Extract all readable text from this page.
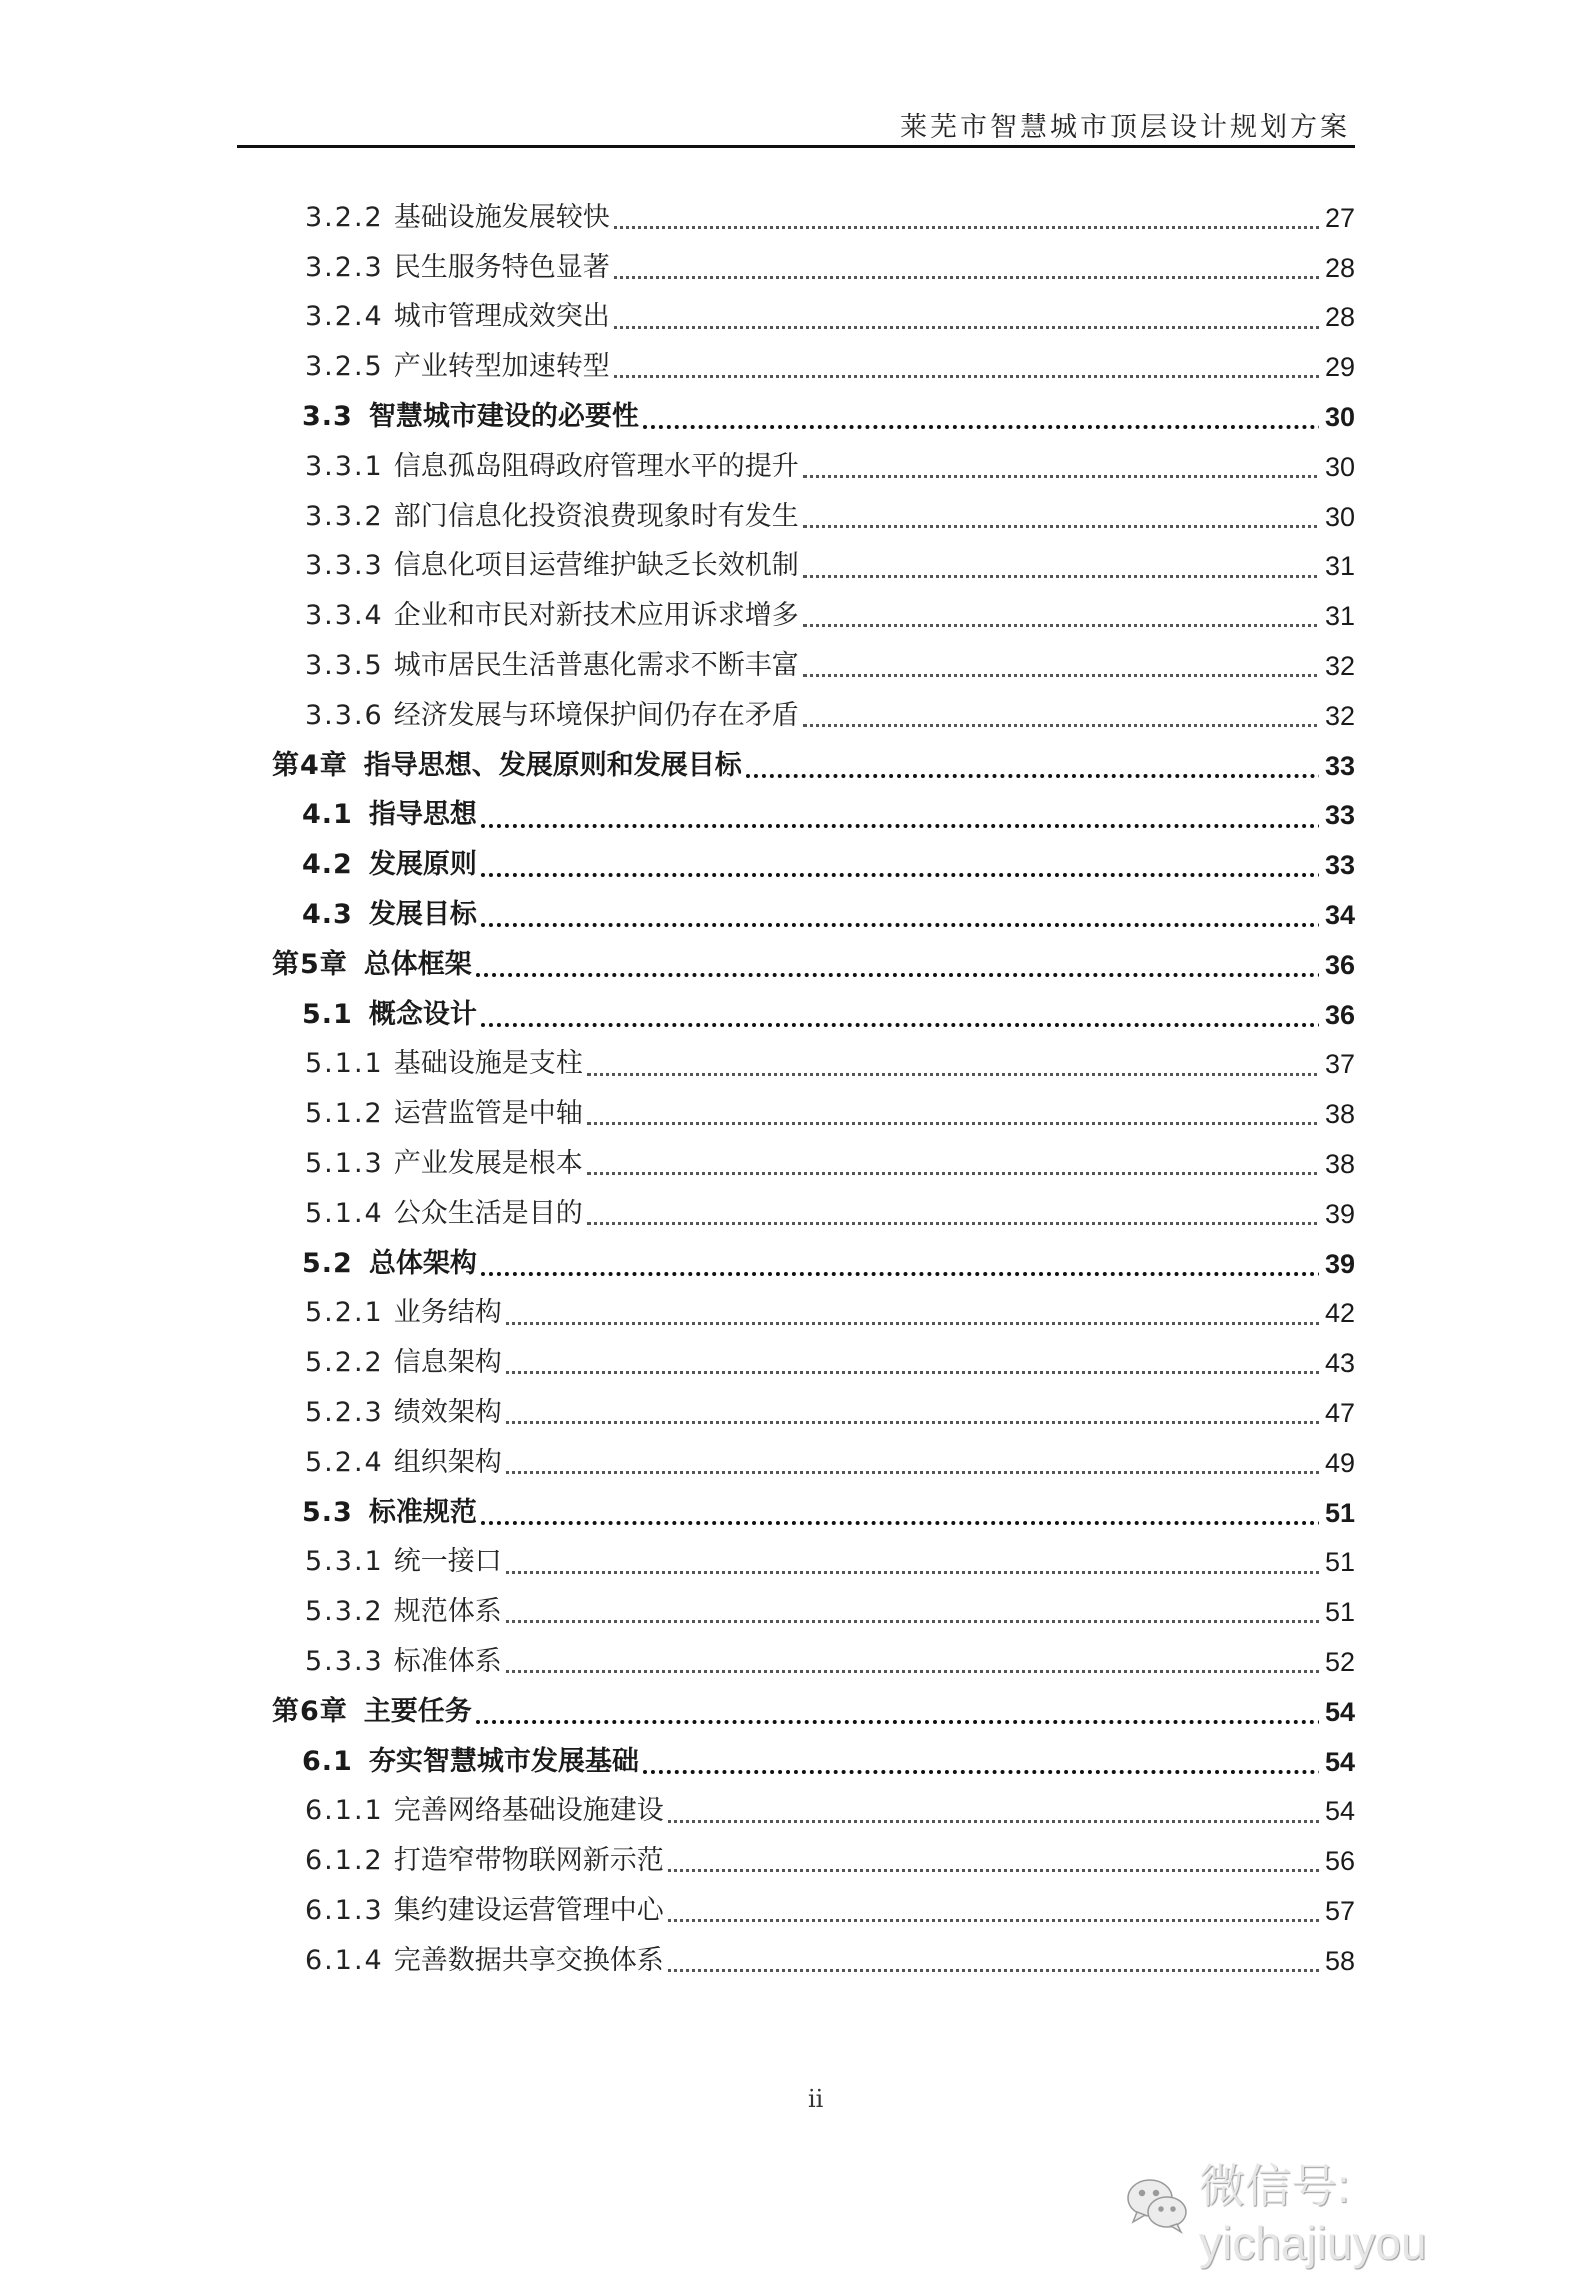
莱芜市智慧城市顶层设计规划方案
3.2.2 基础设施发展较快	27
3.2.3 民生服务特色显著	28
3.2.4 城市管理成效突出	28
3.2.5 产业转型加速转型	29
3.3 智慧城市建设的必要性	30
3.3.1 信息孤岛阻碍政府管理水平的提升	30
3.3.2 部门信息化投资浪费现象时有发生	30
3.3.3 信息化项目运营维护缺乏长效机制	31
3.3.4 企业和市民对新技术应用诉求增多	31
3.3.5 城市居民生活普惠化需求不断丰富	32
3.3.6 经济发展与环境保护间仍存在矛盾	32
第4章 指导思想、发展原则和发展目标	33
4.1 指导思想	33
4.2 发展原则	33
4.3 发展目标	34
第5章 总体框架	36
5.1 概念设计	36
5.1.1 基础设施是支柱	37
5.1.2 运营监管是中轴	38
5.1.3 产业发展是根本	38
5.1.4 公众生活是目的	39
5.2 总体架构	39
5.2.1 业务结构	42
5.2.2 信息架构	43
5.2.3 绩效架构	47
5.2.4 组织架构	49
5.3 标准规范	51
5.3.1 统一接口	51
5.3.2 规范体系	51
5.3.3 标准体系	52
第6章 主要任务	54
6.1 夯实智慧城市发展基础	54
6.1.1 完善网络基础设施建设	54
6.1.2 打造窄带物联网新示范	56
6.1.3 集约建设运营管理中心	57
6.1.4 完善数据共享交换体系	58
ii
微信号: yichajiuyou
